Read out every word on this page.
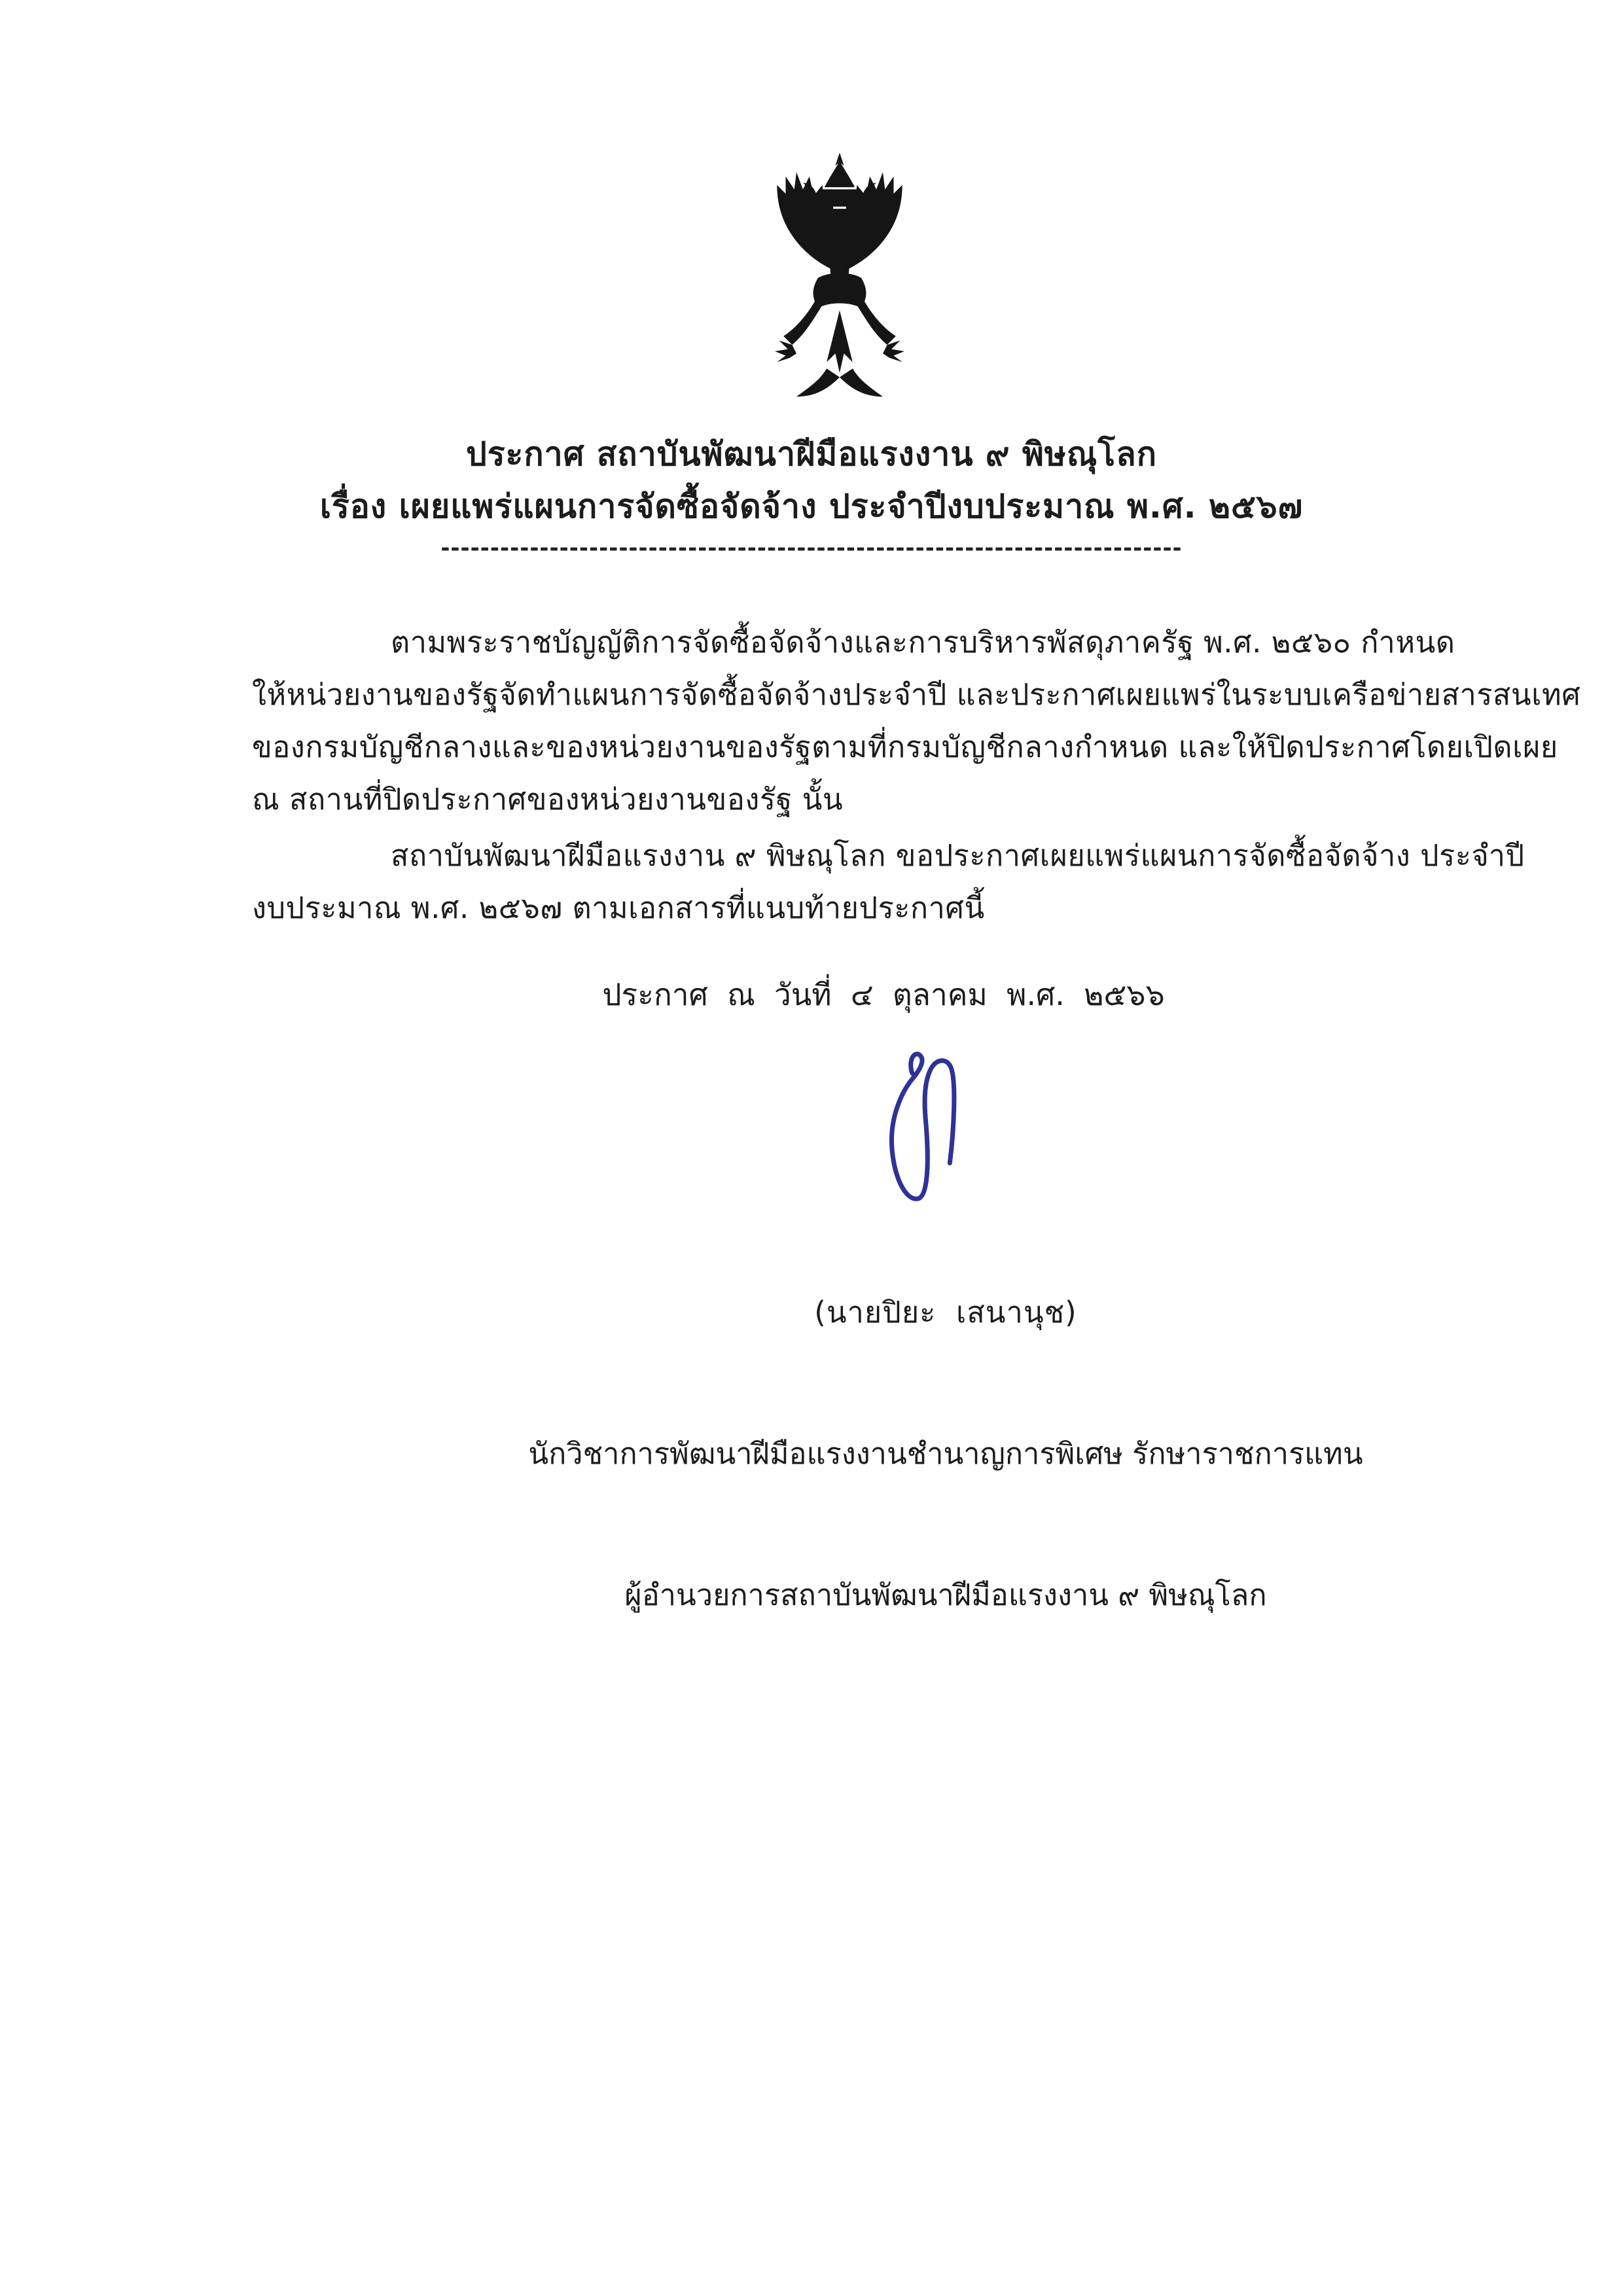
ประกาศ สถาบันพัฒนาฝีมือแรงงาน ๙ พิษณุโลก
เรื่อง เผยแพร่แผนการจัดซื้อจัดจ้าง ประจำปีงบประมาณ พ.ศ. ๒๕๖๗
---------------------------------------------------------------------------
ตามพระราชบัญญัติการจัดซื้อจัดจ้างและการบริหารพัสดุภาครัฐ พ.ศ. ๒๕๖๐ กำหนด
ให้หน่วยงานของรัฐจัดทำแผนการจัดซื้อจัดจ้างประจำปี และประกาศเผยแพร่ในระบบเครือข่ายสารสนเทศ
ของกรมบัญชีกลางและของหน่วยงานของรัฐตามที่กรมบัญชีกลางกำหนด และให้ปิดประกาศโดยเปิดเผย
ณ สถานที่ปิดประกาศของหน่วยงานของรัฐ นั้น
สถาบันพัฒนาฝีมือแรงงาน ๙ พิษณุโลก ขอประกาศเผยแพร่แผนการจัดซื้อจัดจ้าง ประจำปี
งบประมาณ พ.ศ. ๒๕๖๗ ตามเอกสารที่แนบท้ายประกาศนี้
ประกาศ  ณ  วันที่  ๔  ตุลาคม  พ.ศ.  ๒๕๖๖

(นายปิยะ  เสนานุช)

นักวิชาการพัฒนาฝีมือแรงงานชำนาญการพิเศษ รักษาราชการแทน

ผู้อำนวยการสถาบันพัฒนาฝีมือแรงงาน ๙ พิษณุโลก
